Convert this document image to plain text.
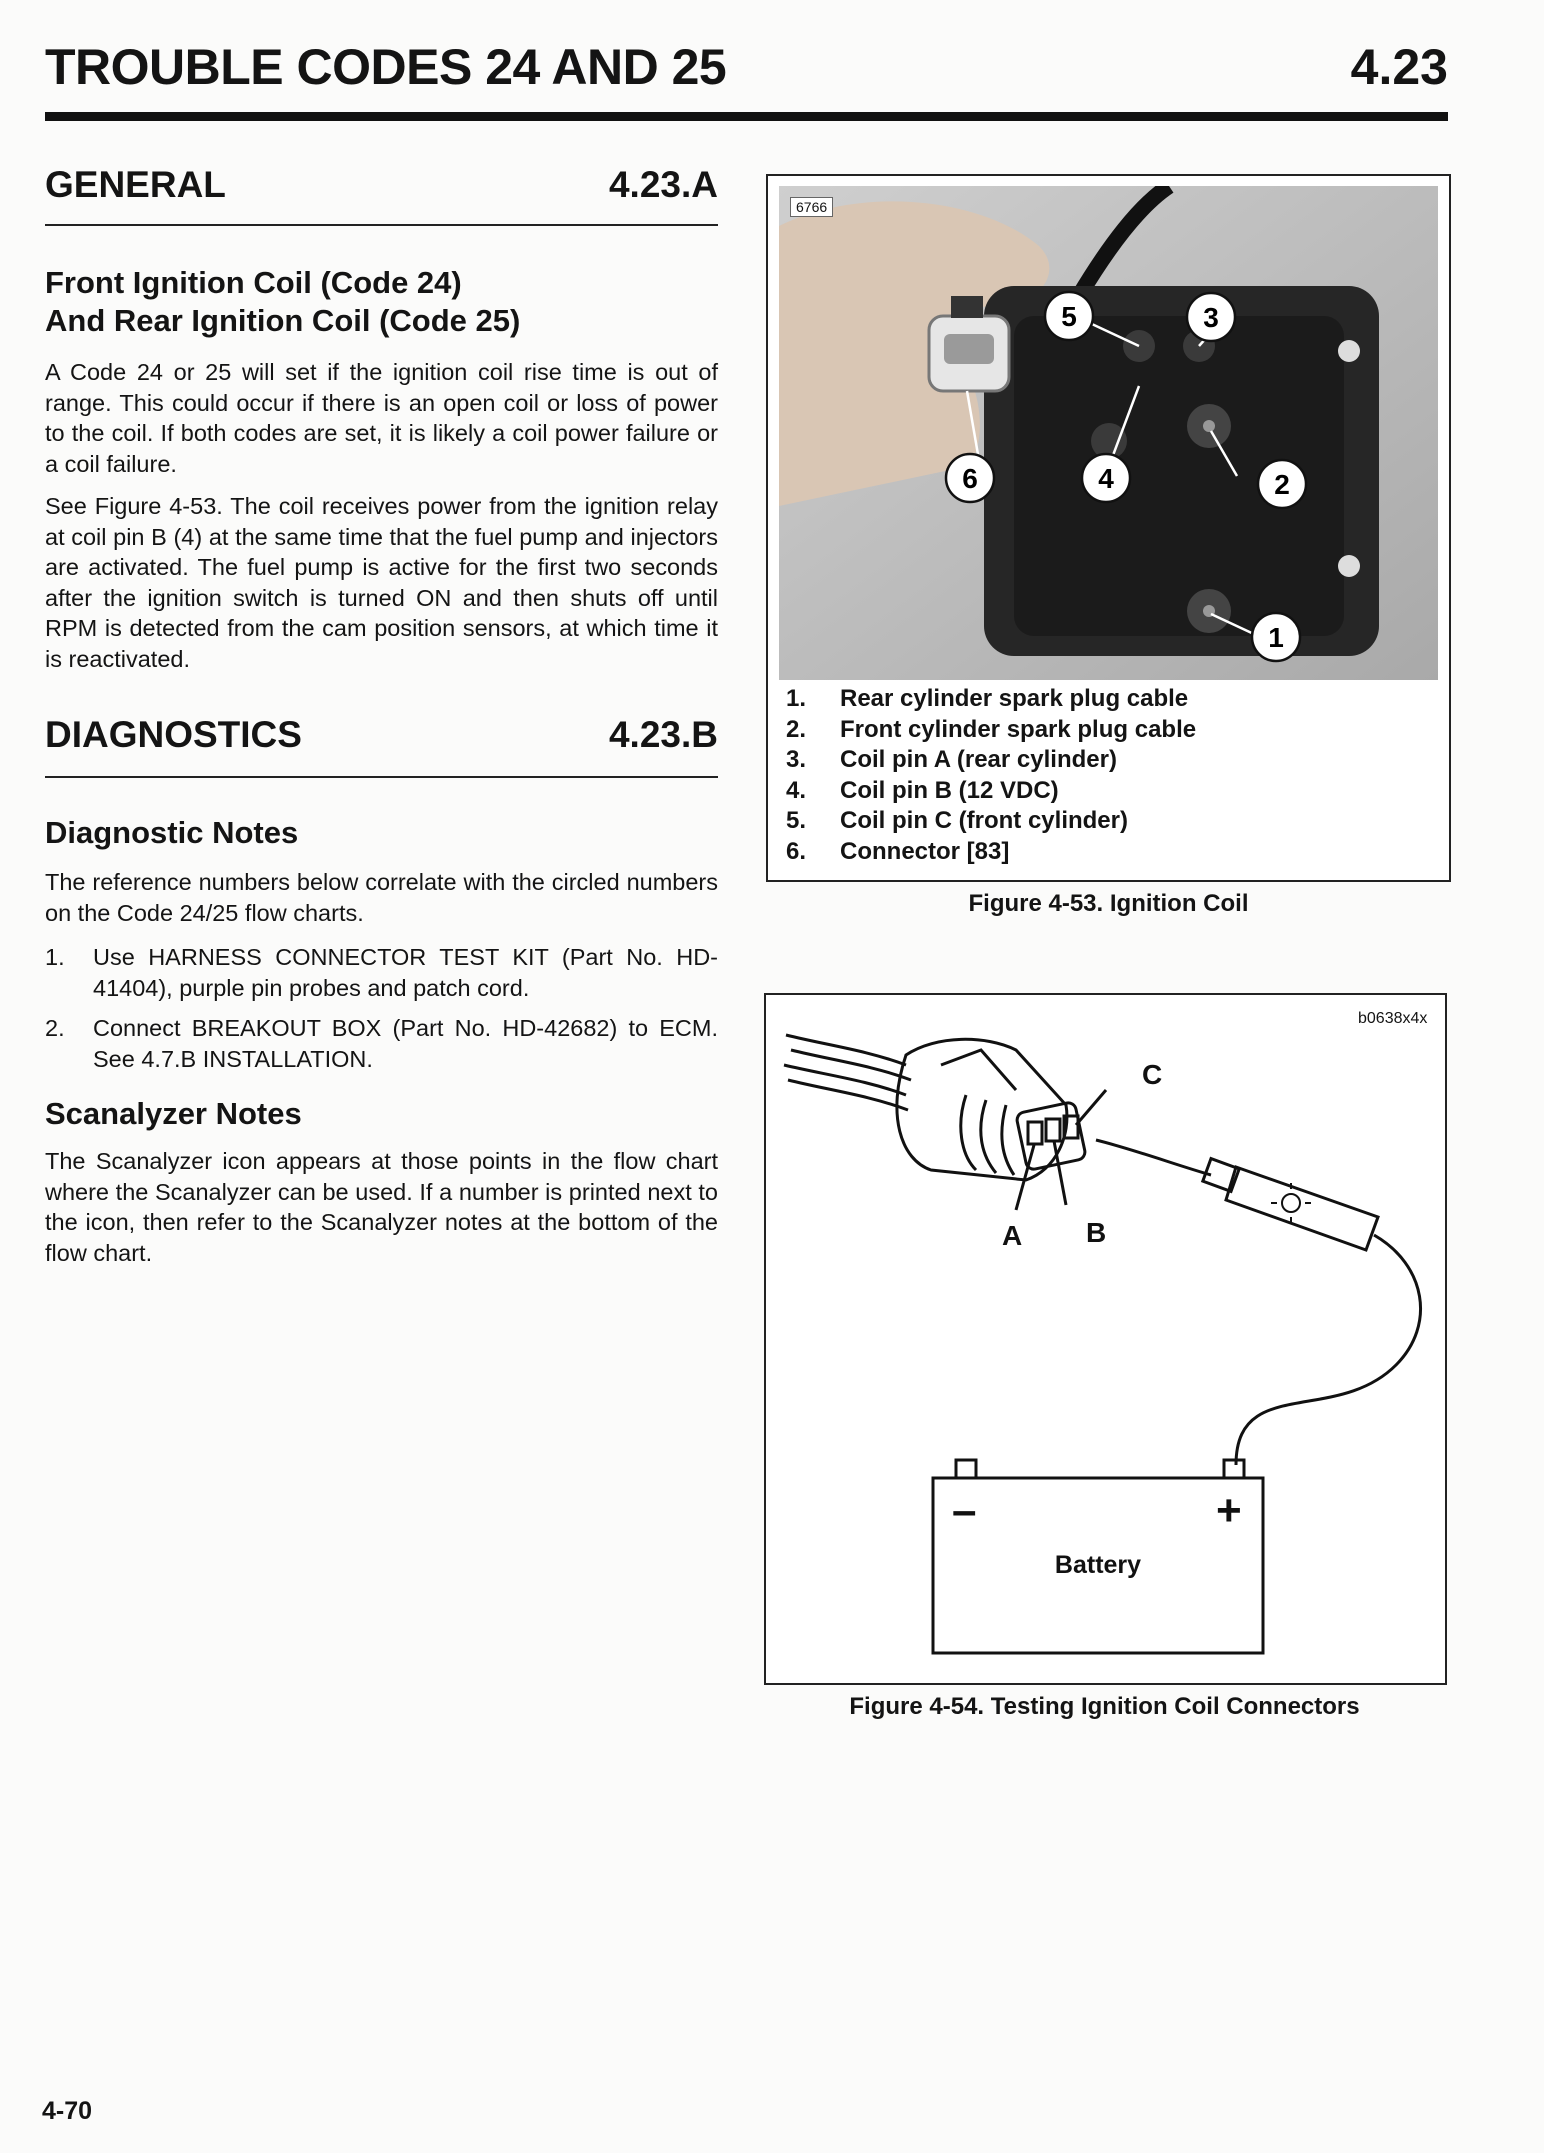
TROUBLE CODES 24 AND 25	4.23
GENERAL	4.23.A
Front Ignition Coil (Code 24)
And Rear Ignition Coil (Code 25)

A Code 24 or 25 will set if the ignition coil rise time is out of range. This could occur if there is an open coil or loss of power to the coil. If both codes are set, it is likely a coil power failure or a coil failure.

See Figure 4-53. The coil receives power from the ignition relay at coil pin B (4) at the same time that the fuel pump and injectors are activated. The fuel pump is active for the first two seconds after the ignition switch is turned ON and then shuts off until RPM is detected from the cam position sensors, at which time it is reactivated.

DIAGNOSTICS	4.23.B
Diagnostic Notes
The reference numbers below correlate with the circled numbers on the Code 24/25 flow charts.
1. Use HARNESS CONNECTOR TEST KIT (Part No. HD-41404), purple pin probes and patch cord.
2. Connect BREAKOUT BOX (Part No. HD-42682) to ECM. See 4.7.B INSTALLATION.
Scanalyzer Notes
The Scanalyzer icon appears at those points in the flow chart where the Scanalyzer can be used. If a number is printed next to the icon, then refer to the Scanalyzer notes at the bottom of the flow chart.
6766
5	3
6	4	2
1
1. Rear cylinder spark plug cable
2. Front cylinder spark plug cable
3. Coil pin A (rear cylinder)
4. Coil pin B (12 VDC)
5. Coil pin C (front cylinder)
6. Connector [83]
Figure 4-53. Ignition Coil
b0638x4x
A B
C
–	+
Battery
Figure 4-54. Testing Ignition Coil Connectors
4-70
